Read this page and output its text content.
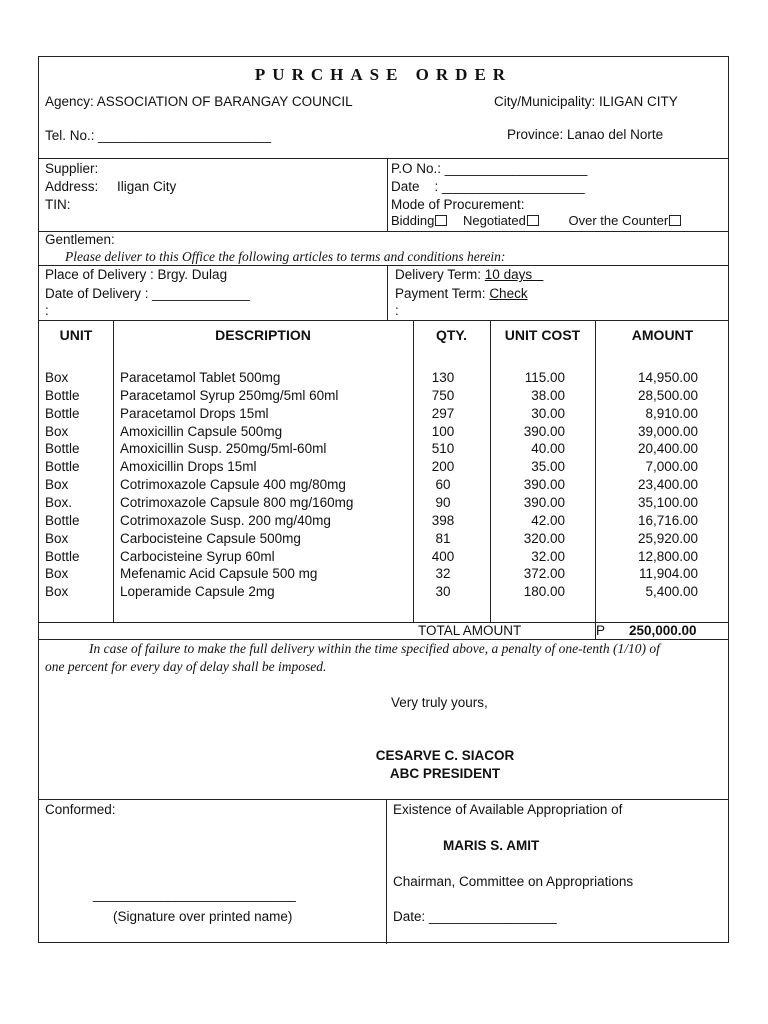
PURCHASE ORDER
Agency: ASSOCIATION OF BARANGAY COUNCIL	City/Municipality: ILIGAN CITY
Tel. No.: _______________________	Province: Lanao del Norte
Supplier:
Address: Iligan City
TIN:
P.O No.: ___________________
Date    : ___________________
Mode of Procurement:
Bidding Negotiated	Over the Counter
Gentlemen:
Please deliver to this Office the following articles to terms and conditions herein:
Place of Delivery : Brgy. Dulag
Date of Delivery : _____________
:
Delivery Term: 10 days
Payment Term: Check
:
UNIT	DESCRIPTION	QTY.	UNIT COST	AMOUNT
Box	Paracetamol Tablet 500mg	130	115.00	14,950.00
Bottle	Paracetamol Syrup 250mg/5ml 60ml	750	38.00	28,500.00
Bottle	Paracetamol Drops 15ml	297	30.00	8,910.00
Box	Amoxicillin Capsule 500mg	100	390.00	39,000.00
Bottle	Amoxicillin Susp. 250mg/5ml-60ml	510	40.00	20,400.00
Bottle	Amoxicillin Drops 15ml	200	35.00	7,000.00
Box	Cotrimoxazole Capsule 400 mg/80mg	60	390.00	23,400.00
Box.	Cotrimoxazole Capsule 800 mg/160mg	90	390.00	35,100.00
Bottle	Cotrimoxazole Susp. 200 mg/40mg	398	42.00	16,716.00
Box	Carbocisteine Capsule 500mg	81	320.00	25,920.00
Bottle	Carbocisteine Syrup 60ml	400	32.00	12,800.00
Box	Mefenamic Acid Capsule 500 mg	32	372.00	11,904.00
Box	Loperamide Capsule 2mg	30	180.00	5,400.00
TOTAL AMOUNT	P 250,000.00
In case of failure to make the full delivery within the time specified above, a penalty of one-tenth (1/10) of
one percent for every day of delay shall be imposed.
Very truly yours,
CESARVE C. SIACOR
ABC PRESIDENT
Conformed:
___________________________
(Signature over printed name)
Existence of Available Appropriation of
MARIS S. AMIT
Chairman, Committee on Appropriations
Date: _________________
